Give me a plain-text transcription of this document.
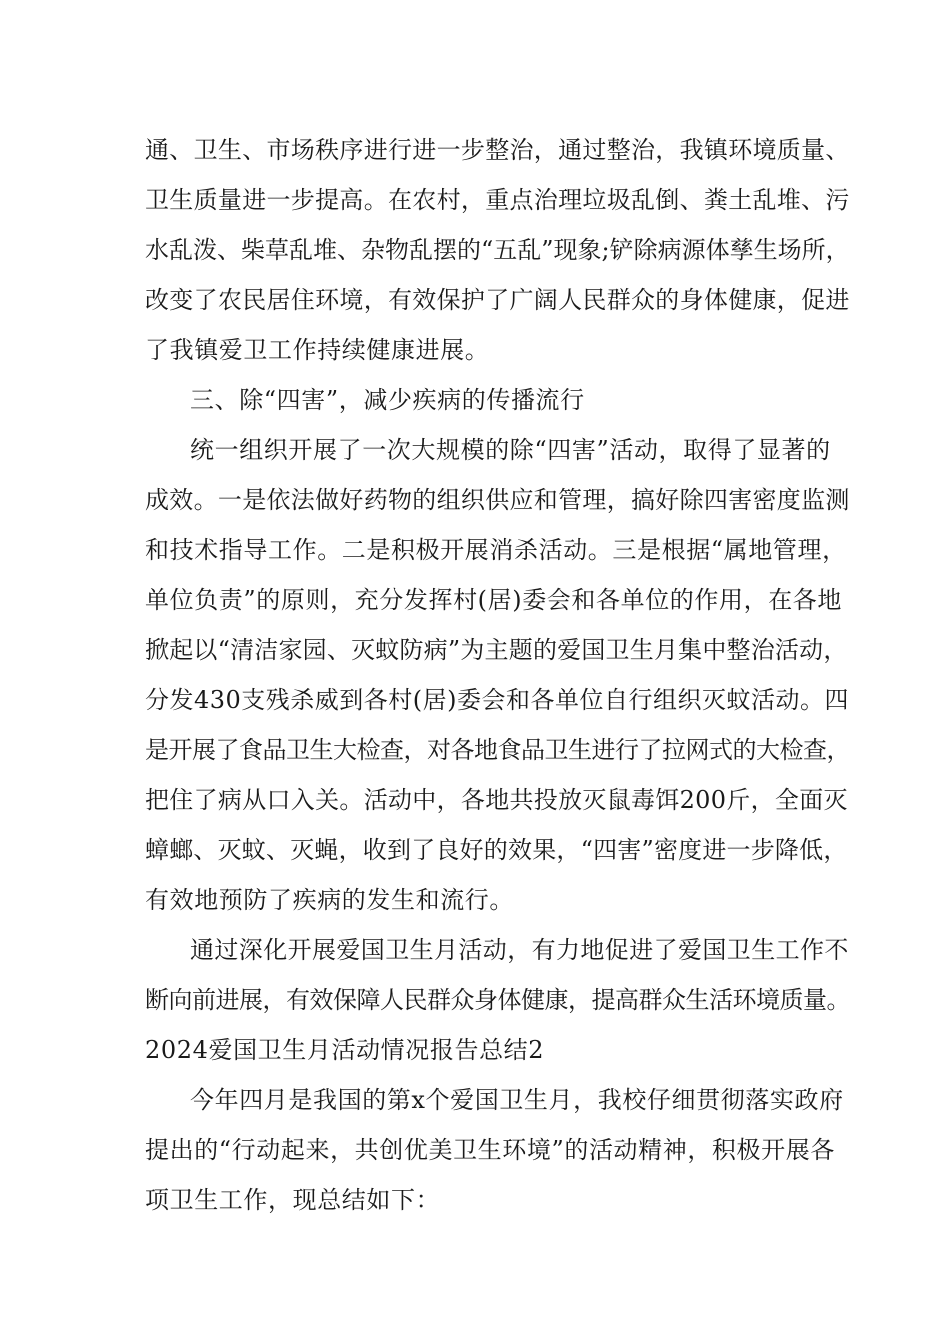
通、卫生、市场秩序进行进一步整治，通过整治，我镇环境质量、
卫生质量进一步提高。在农村，重点治理垃圾乱倒、粪土乱堆、污
水乱泼、柴草乱堆、杂物乱摆的“五乱”现象;铲除病源体孳生场所，
改变了农民居住环境，有效保护了广阔人民群众的身体健康，促进
了我镇爱卫工作持续健康进展。
三、除“四害”，减少疾病的传播流行
统一组织开展了一次大规模的除“四害”活动，取得了显著的
成效。一是依法做好药物的组织供应和管理，搞好除四害密度监测
和技术指导工作。二是积极开展消杀活动。三是根据“属地管理，
单位负责”的原则，充分发挥村(居)委会和各单位的作用，在各地
掀起以“清洁家园、灭蚊防病”为主题的爱国卫生月集中整治活动，
分发430支残杀威到各村(居)委会和各单位自行组织灭蚊活动。四
是开展了食品卫生大检查，对各地食品卫生进行了拉网式的大检查，
把住了病从口入关。活动中，各地共投放灭鼠毒饵200斤，全面灭
蟑螂、灭蚊、灭蝇，收到了良好的效果，“四害”密度进一步降低，
有效地预防了疾病的发生和流行。
通过深化开展爱国卫生月活动，有力地促进了爱国卫生工作不
断向前进展，有效保障人民群众身体健康，提高群众生活环境质量。
2024爱国卫生月活动情况报告总结2
今年四月是我国的第x个爱国卫生月，我校仔细贯彻落实政府
提出的“行动起来，共创优美卫生环境”的活动精神，积极开展各
项卫生工作，现总结如下：
